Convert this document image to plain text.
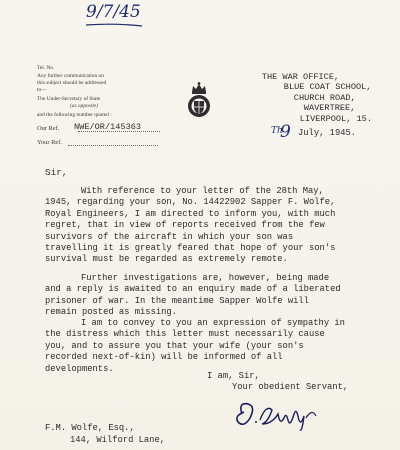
9/7/45
Tel. No.
Any further communication on
this subject should be addressed
to—
The Under-Secretary of State
(as opposite)
and the following number quoted :
Our Ref. NWE/OR/145363
Your Ref.
THE WAR OFFICE,
BLUE COAT SCHOOL,
CHURCH ROAD,
WAVERTREE,
LIVERPOOL, 15.
Th
9 July, 1945.
Sir,
With reference to your letter of the 28th May,
1945, regarding your son, No. 14422902 Sapper F. Wolfe,
Royal Engineers, I am directed to inform you, with much
regret, that in view of reports received from the few
survivors of the aircraft in which your son was
travelling it is greatly feared that hope of your son's
survival must be regarded as extremely remote.
Further investigations are, however, being made
and a reply is awaited to an enquiry made of a liberated
prisoner of war. In the meantime Sapper Wolfe will
remain posted as missing.
I am to convey to you an expression of sympathy in
the distress which this letter must necessarily cause
you, and to assure you that your wife (your son's
recorded next-of-kin) will be informed of all
developments.
I am, Sir,
Your obedient Servant,
F.M. Wolfe, Esq.,
144, Wilford Lane,
